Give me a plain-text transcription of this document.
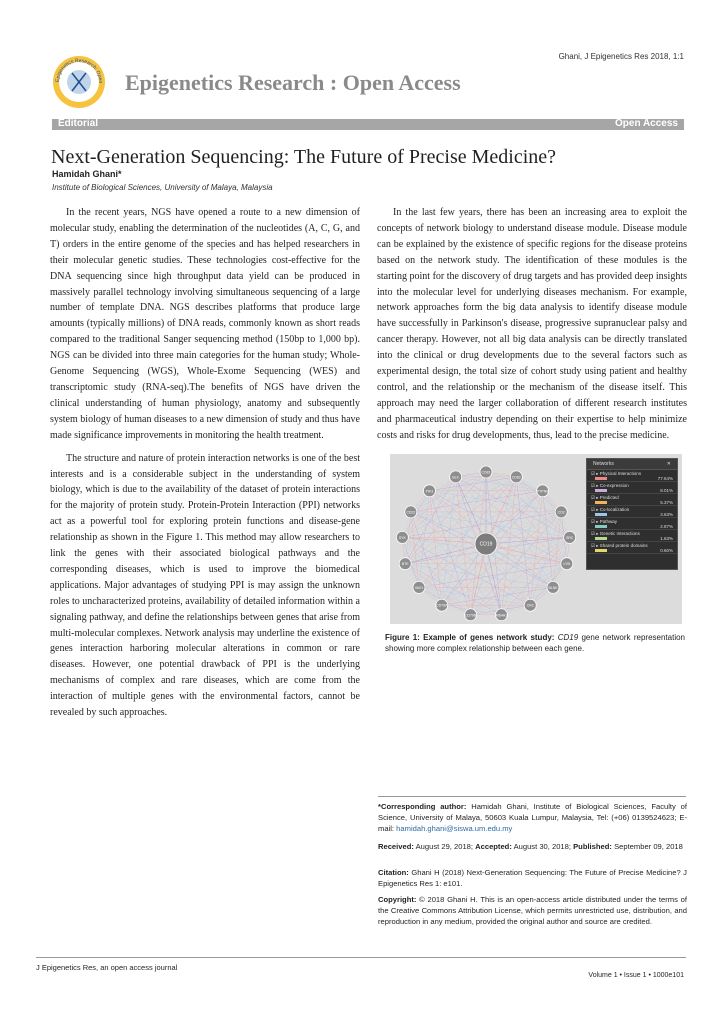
Ghani, J Epigenetics Res 2018, 1:1
Epigenetics Research: Open Epigenetics Research : Open Access
Editorial	Open Access
Next-Generation Sequencing: The Future of Precise Medicine?
Hamidah Ghani*
Institute of Biological Sciences, University of Malaya, Malaysia

In the recent years, NGS have opened a route to a new dimension of molecular study, enabling the determination of the nucleotides (A, C, G, and T) orders in the entire genome of the species and has helped researchers in their molecular genetic studies. These technologies cost-effective for the DNA sequencing since high throughput data yield can be produced in massively parallel technology involving simultaneous sequencing of a large number of template DNA. NGS describes platforms that produce large amounts (typically millions) of DNA reads, commonly known as short reads compared to the traditional Sanger sequencing method (150bp to 1,000 bp). NGS can be divided into three main categories for the human study; Whole-Genome Sequencing (WGS), Whole-Exome Sequencing (WES) and transcriptomic study (RNA-seq).The benefits of NGS have driven the clinical understanding of human physiology, anatomy and subsequently system biology of human diseases to a new dimension of study and thus have made significance improvements in monitoring the health treatment.

The structure and nature of protein interaction networks is one of the best interests and is a considerable subject in the understanding of system biology, which is due to the availability of the dataset of protein interactions for the majority of protein study. Protein-Protein Interaction (PPI) networks act as a powerful tool for exploring protein functions and disease-gene relationship as shown in the Figure 1. This method may allow researchers to link the genes with their associated biological pathways and the corresponding diseases, which is used to improve the biomedical applications. Major advantages of studying PPI is may assign the unknown roles to uncharacterized proteins, availability of detailed information within a signaling pathway, and define the relationships between genes that arise from multi-molecular complexes. Network analysis may underline the existence of genes interaction harboring molecular alterations in common or rare diseases. However, one potential drawback of PPI is the underlying mechanisms of complex and rare diseases, which are come from the interaction of multiple genes with the environmental factors, cannot be revealed by such approaches.

In the last few years, there has been an increasing area to exploit the concepts of network biology to understand disease module. Disease module can be explained by the existence of specific regions for the disease proteins based on the network study. The identification of these modules is the starting point for the discovery of drug targets and has provided deep insights into the molecular level for underlying diseases mechanism. For example, network approaches form the big data analysis to identify disease module have successfully in Parkinson's disease, progressive supranuclear palsy and cancer therapy. However, not all big data analysis can be directly translated into the clinical or drug developments due to the several factors such as experimental design, the total size of cohort study using patient and healthy control, and the relationship or the mechanism of the disease itself. This approach may need the larger collaboration of different research institutes and pharmaceutical industry depending on their expertise to help minimize costs and risks for drug developments, thus, lead to the precise medicine.

CD81
CD82
PTPN6
CD2
SRC
LYN
BLNK
CR2
MS4A1
CD79B
CD79A
VAV1
BTK
SYK
CD22
PIK3
BLK
CD19
Networks	✕
☑ ▸ Physical Interactions
77.64%
☑ ▸ Co-expression
8.01%
☑ ▸ Predicted
5.37%
☑ ▸ Co-localization
3.63%
☑ ▸ Pathway
2.87%
☑ ▸ Genetic Interactions
1.63%
☑ ▸ Shared protein domains
0.60%
Figure 1: Example of genes network study: CD19 gene network representation showing more complex relationship between each gene.
*Corresponding author: Hamidah Ghani, Institute of Biological Sciences, Faculty of Science, University of Malaya, 50603 Kuala Lumpur, Malaysia, Tel: (+06) 0139524623; E-mail: hamidah.ghani@siswa.um.edu.my
Received: August 29, 2018; Accepted: August 30, 2018; Published: September 09, 2018
Citation: Ghani H (2018) Next-Generation Sequencing: The Future of Precise Medicine? J Epigenetics Res 1: e101.
Copyright: © 2018 Ghani H. This is an open-access article distributed under the terms of the Creative Commons Attribution License, which permits unrestricted use, distribution, and reproduction in any medium, provided the original author and source are credited.
J Epigenetics Res, an open access journal
Volume 1 • Issue 1 • 1000e101
